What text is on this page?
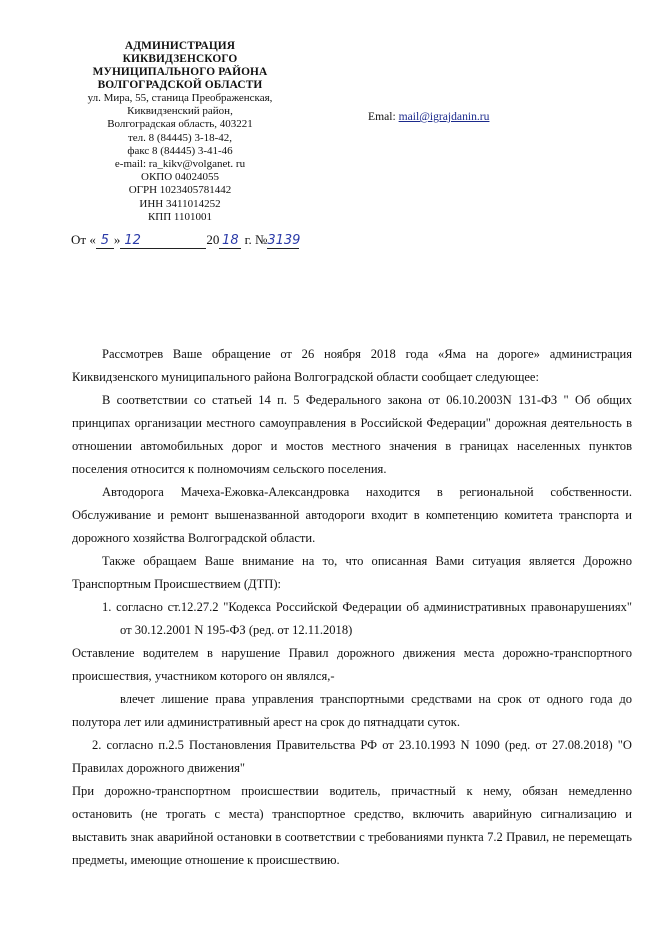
АДМИНИСТРАЦИЯ
КИКВИДЗЕНСКОГО
МУНИЦИПАЛЬНОГО РАЙОНА
ВОЛГОГРАДСКОЙ ОБЛАСТИ
ул. Мира, 55, станица Преображенская,
Киквидзенский район,
Волгоградская область, 403221
тел. 8 (84445) 3-18-42,
факс 8 (84445) 3-41-46
e-mail: ra_kikv@volganet. ru
ОКПО 04024055
ОГРН 1023405781442
ИНН 3411014252
КПП 1101001
Emal: mail@igrajdanin.ru
От « 5 » 12	20 18 г. №3139

Рассмотрев Ваше обращение от 26 ноября 2018 года «Яма на дороге» администрация Киквидзенского муниципального района Волгоградской области сообщает следующее:

В соответствии со статьей 14 п. 5 Федерального закона от 06.10.2003N 131-ФЗ " Об общих принципах организации местного самоуправления в Российской Федерации" дорожная деятельность в отношении автомобильных дорог и мостов местного значения в границах населенных пунктов поселения относится к полномочиям сельского поселения.

Автодорога Мачеха-Ежовка-Александровка находится в региональной собственности. Обслуживание и ремонт вышеназванной автодороги входит в компетенцию комитета транспорта и дорожного хозяйства Волгоградской области.

Также обращаем Ваше внимание на то, что описанная Вами ситуация является Дорожно Транспортным Происшествием (ДТП):

1. согласно ст.12.27.2 "Кодекса Российской Федерации об административных правонарушениях" от 30.12.2001 N 195-ФЗ (ред. от 12.11.2018)

Оставление водителем в нарушение Правил дорожного движения места дорожно-транспортного происшествия, участником которого он являлся,-

влечет лишение права управления транспортными средствами на срок от одного года до полутора лет или административный арест на срок до пятнадцати суток.

2. согласно п.2.5 Постановления Правительства РФ от 23.10.1993 N 1090 (ред. от 27.08.2018) "О Правилах дорожного движения"

При дорожно-транспортном происшествии водитель, причастный к нему, обязан немедленно остановить (не трогать с места) транспортное средство, включить аварийную сигнализацию и выставить знак аварийной остановки в соответствии с требованиями пункта 7.2 Правил, не перемещать предметы, имеющие отношение к происшествию.
